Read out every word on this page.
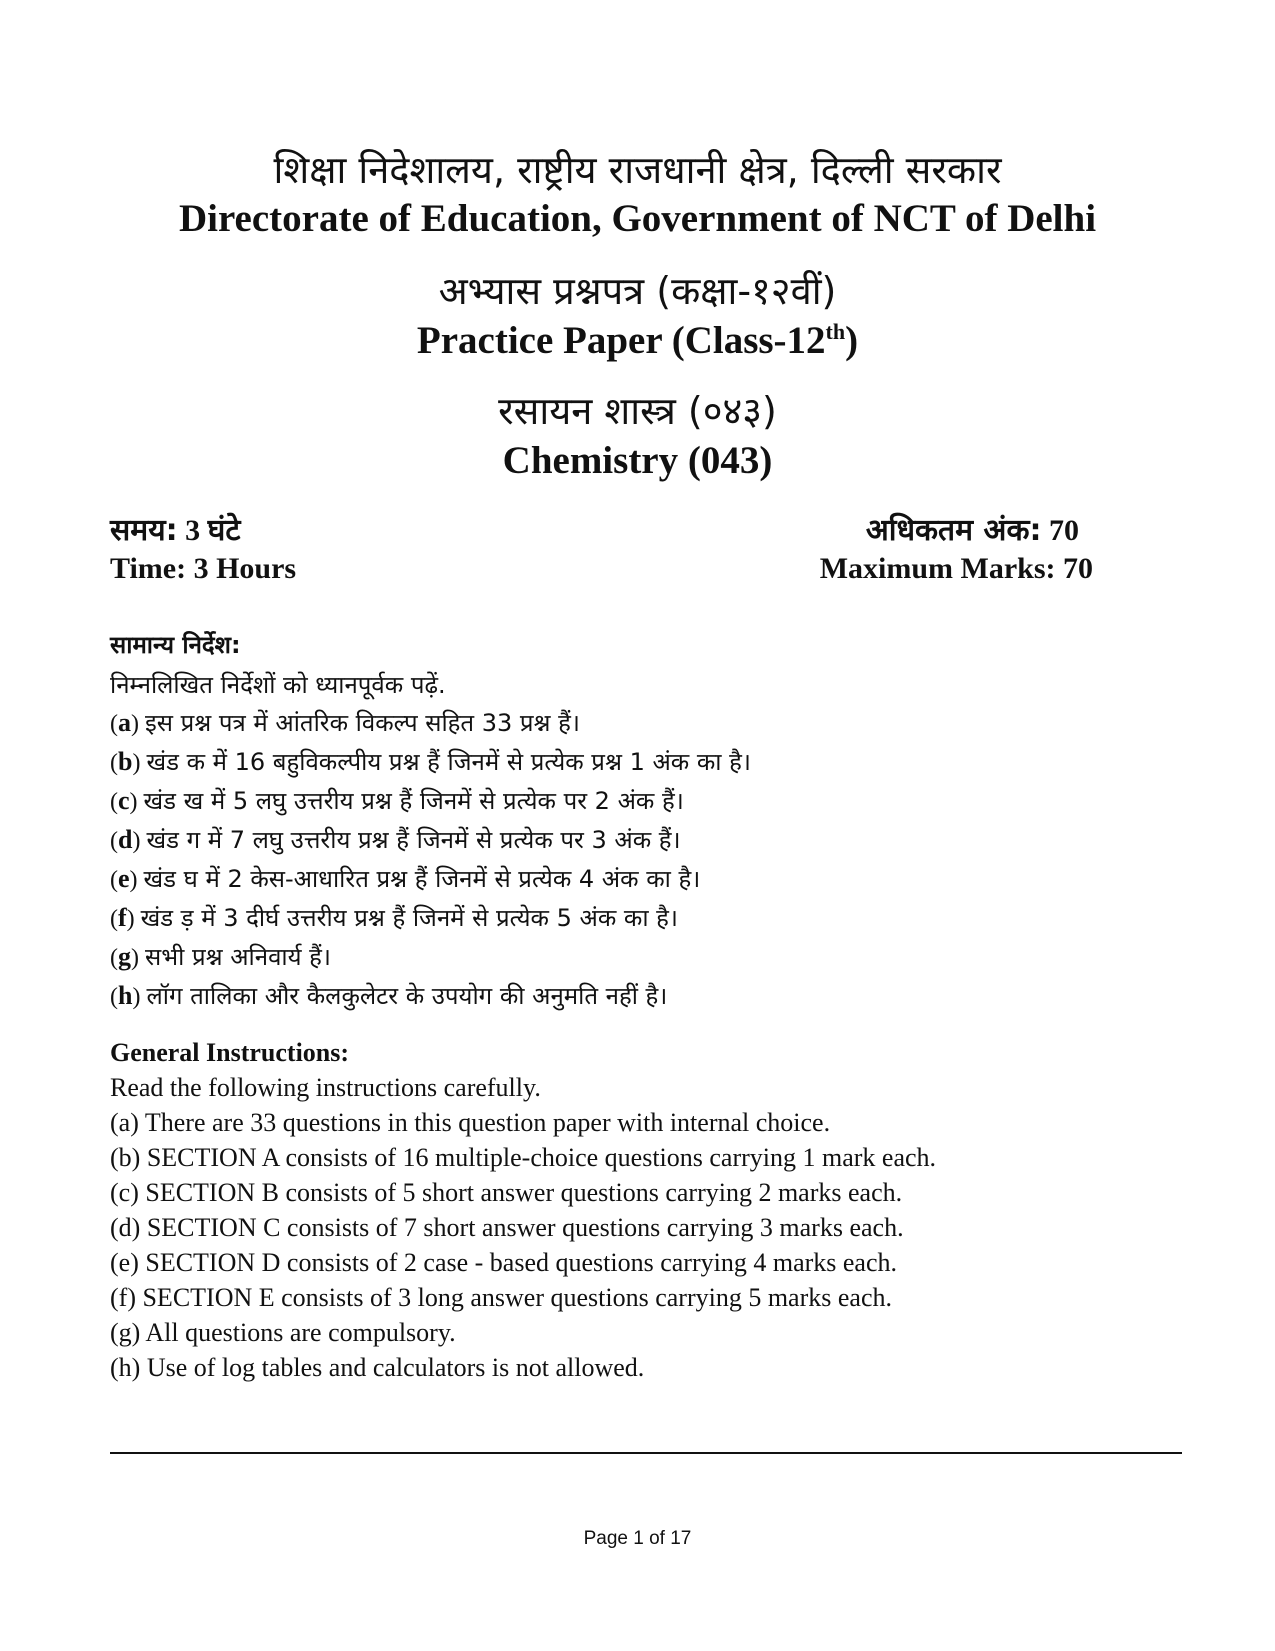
शिक्षा निदेशालय, राष्ट्रीय राजधानी क्षेत्र, दिल्ली सरकार
Directorate of Education, Government of NCT of Delhi
अभ्यास प्रश्नपत्र (कक्षा-१२वीं)
Practice Paper (Class-12th)
रसायन शास्त्र (०४३)
Chemistry (043)
समय: 3 घंटे	अधिकतम अंक: 70
Time: 3 Hours	Maximum Marks: 70
सामान्य निर्देश:
निम्नलिखित निर्देशों को ध्यानपूर्वक पढ़ें.
(a) इस प्रश्न पत्र में आंतरिक विकल्प सहित 33 प्रश्न हैं।
(b) खंड क में 16 बहुविकल्पीय प्रश्न हैं जिनमें से प्रत्येक प्रश्न 1 अंक का है।
(c) खंड ख में 5 लघु उत्तरीय प्रश्न हैं जिनमें से प्रत्येक पर 2 अंक हैं।
(d) खंड ग में 7 लघु उत्तरीय प्रश्न हैं जिनमें से प्रत्येक पर 3 अंक हैं।
(e) खंड घ में 2 केस-आधारित प्रश्न हैं जिनमें से प्रत्येक 4 अंक का है।
(f) खंड ड़ में 3 दीर्घ उत्तरीय प्रश्न हैं जिनमें से प्रत्येक 5 अंक का है।
(g) सभी प्रश्न अनिवार्य हैं।
(h) लॉग तालिका और कैलकुलेटर के उपयोग की अनुमति नहीं है।
General Instructions:
Read the following instructions carefully.
(a) There are 33 questions in this question paper with internal choice.
(b) SECTION A consists of 16 multiple-choice questions carrying 1 mark each.
(c) SECTION B consists of 5 short answer questions carrying 2 marks each.
(d) SECTION C consists of 7 short answer questions carrying 3 marks each.
(e) SECTION D consists of 2 case - based questions carrying 4 marks each.
(f) SECTION E consists of 3 long answer questions carrying 5 marks each.
(g) All questions are compulsory.
(h) Use of log tables and calculators is not allowed.
Page 1 of 17
